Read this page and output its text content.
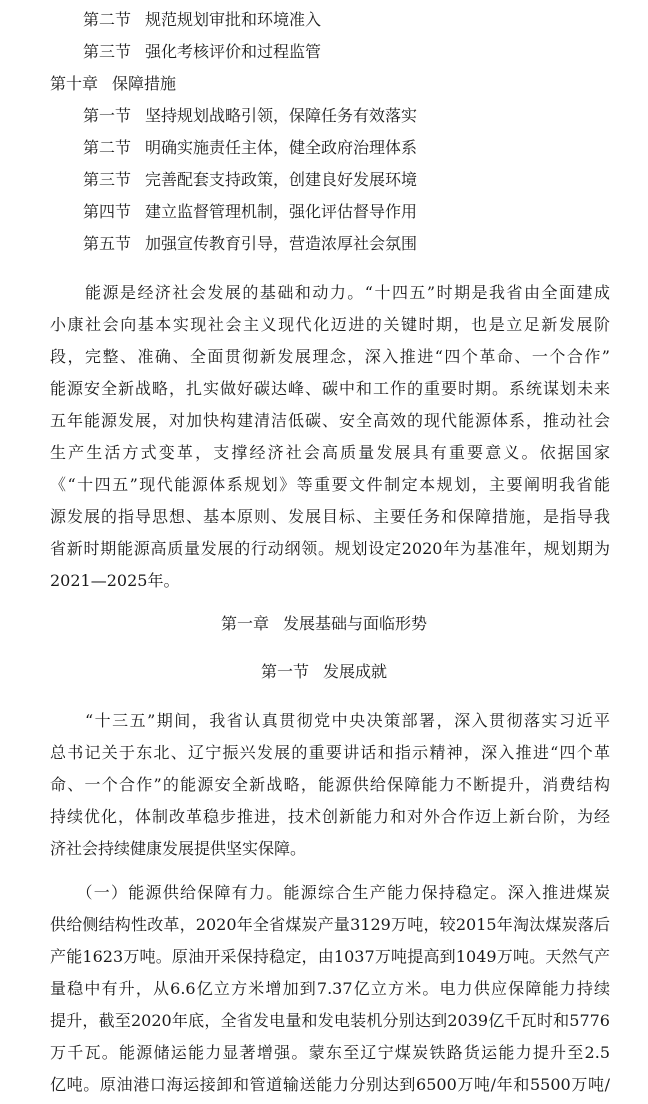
第二节 规范规划审批和环境准入
第三节 强化考核评价和过程监管
第十章 保障措施
第一节 坚持规划战略引领，保障任务有效落实
第二节 明确实施责任主体，健全政府治理体系
第三节 完善配套支持政策，创建良好发展环境
第四节 建立监督管理机制，强化评估督导作用
第五节 加强宣传教育引导，营造浓厚社会氛围
　　能源是经济社会发展的基础和动力。“十四五”时期是我省由全面建成
小康社会向基本实现社会主义现代化迈进的关键时期，也是立足新发展阶
段，完整、准确、全面贯彻新发展理念，深入推进“四个革命、一个合作”
能源安全新战略，扎实做好碳达峰、碳中和工作的重要时期。系统谋划未来
五年能源发展，对加快构建清洁低碳、安全高效的现代能源体系，推动社会
生产生活方式变革，支撑经济社会高质量发展具有重要意义。依据国家
《“十四五”现代能源体系规划》等重要文件制定本规划，主要阐明我省能
源发展的指导思想、基本原则、发展目标、主要任务和保障措施，是指导我
省新时期能源高质量发展的行动纲领。规划设定2020年为基准年，规划期为
2021—2025年。
第一章 发展基础与面临形势
第一节 发展成就
　　“十三五”期间，我省认真贯彻党中央决策部署，深入贯彻落实习近平
总书记关于东北、辽宁振兴发展的重要讲话和指示精神，深入推进“四个革
命、一个合作”的能源安全新战略，能源供给保障能力不断提升，消费结构
持续优化，体制改革稳步推进，技术创新能力和对外合作迈上新台阶，为经
济社会持续健康发展提供坚实保障。
　　（一）能源供给保障有力。能源综合生产能力保持稳定。深入推进煤炭
供给侧结构性改革，2020年全省煤炭产量3129万吨，较2015年淘汰煤炭落后
产能1623万吨。原油开采保持稳定，由1037万吨提高到1049万吨。天然气产
量稳中有升，从6.6亿立方米增加到7.37亿立方米。电力供应保障能力持续
提升，截至2020年底，全省发电量和发电装机分别达到2039亿千瓦时和5776
万千瓦。能源储运能力显著增强。蒙东至辽宁煤炭铁路货运能力提升至2.5
亿吨。原油港口海运接卸和管道输送能力分别达到6500万吨/年和5500万吨/
